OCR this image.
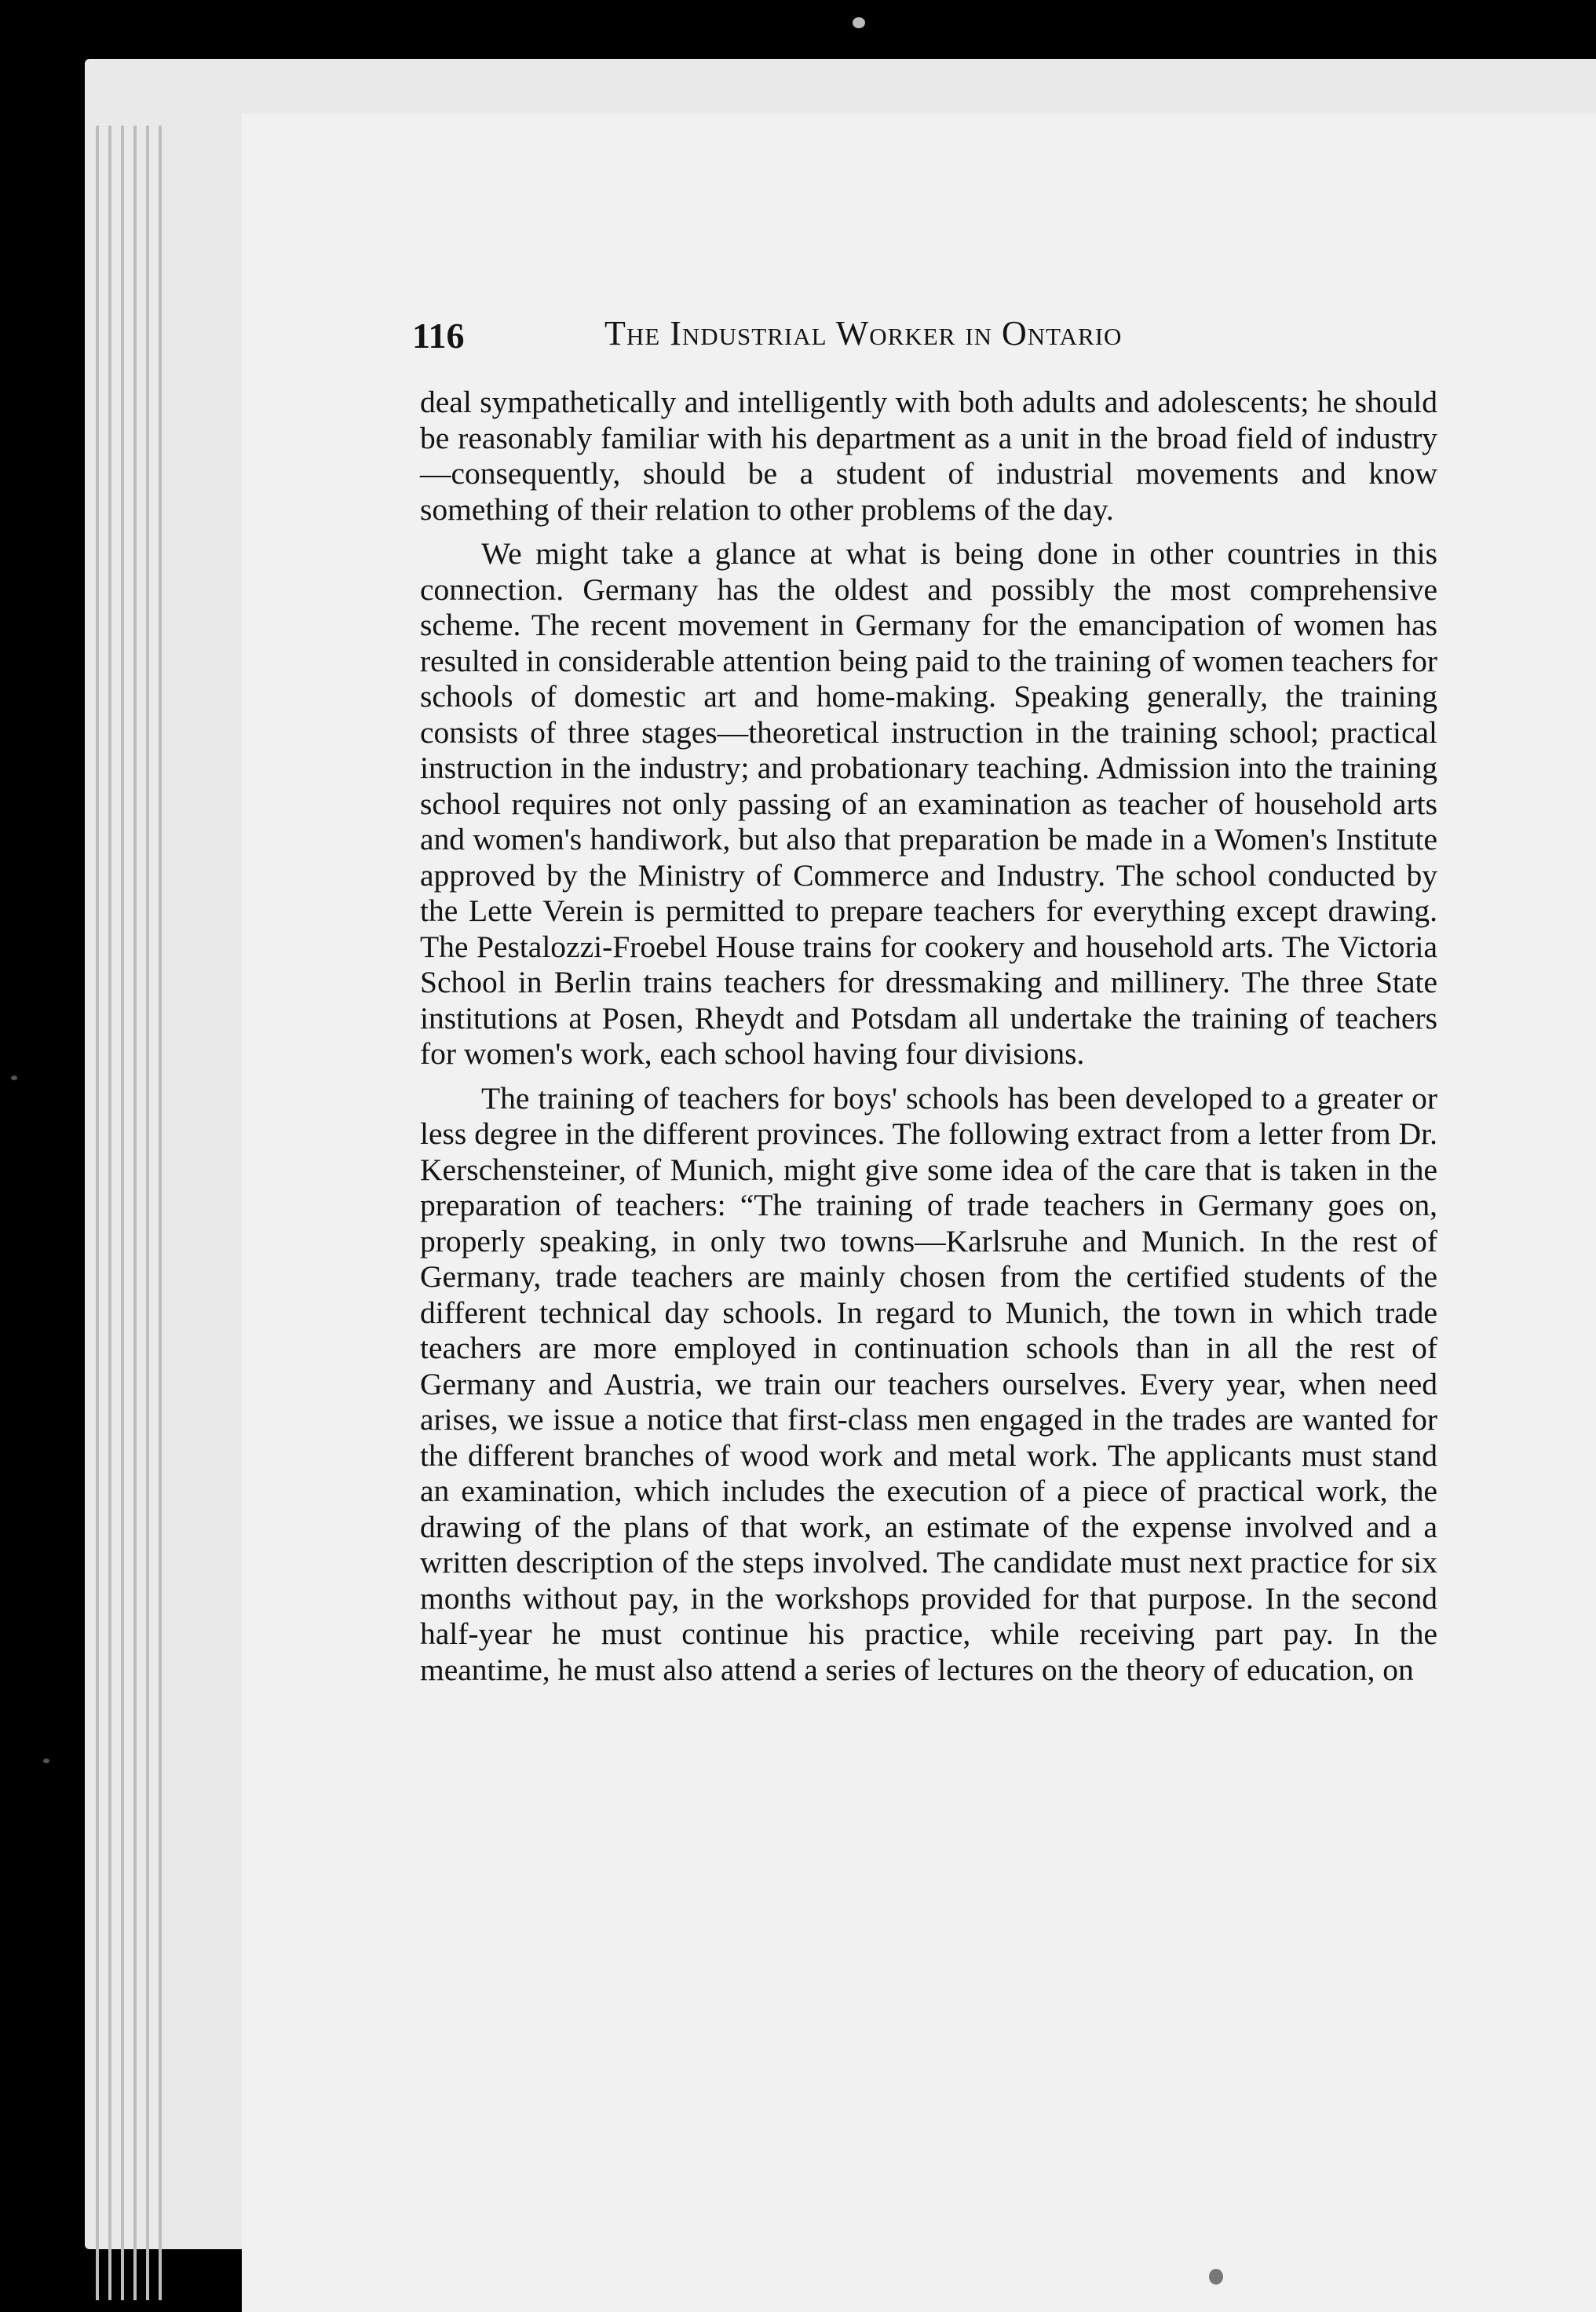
116	The Industrial Worker in Ontario

deal sympathetically and intelligently with both adults and adolescents; he should be reasonably familiar with his department as a unit in the broad field of industry—consequently, should be a student of industrial movements and know something of their relation to other problems of the day.

We might take a glance at what is being done in other countries in this connection. Germany has the oldest and possibly the most comprehensive scheme. The recent movement in Germany for the emancipation of women has resulted in considerable attention being paid to the training of women teachers for schools of domestic art and home-making. Speaking generally, the training consists of three stages—theoretical instruction in the training school; practical instruction in the industry; and probationary teaching. Admission into the training school requires not only passing of an examination as teacher of household arts and women's handiwork, but also that preparation be made in a Women's Institute approved by the Ministry of Commerce and Industry. The school conducted by the Lette Verein is permitted to prepare teachers for everything except drawing. The Pestalozzi-Froebel House trains for cookery and household arts. The Victoria School in Berlin trains teachers for dressmaking and millinery. The three State institutions at Posen, Rheydt and Potsdam all undertake the training of teachers for women's work, each school having four divisions.

The training of teachers for boys' schools has been developed to a greater or less degree in the different provinces. The following extract from a letter from Dr. Kerschensteiner, of Munich, might give some idea of the care that is taken in the preparation of teachers: “The training of trade teachers in Germany goes on, properly speaking, in only two towns—Karlsruhe and Munich. In the rest of Germany, trade teachers are mainly chosen from the certified students of the different technical day schools. In regard to Munich, the town in which trade teachers are more employed in continuation schools than in all the rest of Germany and Austria, we train our teachers ourselves. Every year, when need arises, we issue a notice that first-class men engaged in the trades are wanted for the different branches of wood work and metal work. The applicants must stand an examination, which includes the execution of a piece of practical work, the drawing of the plans of that work, an estimate of the expense involved and a written description of the steps involved. The candidate must next practice for six months without pay, in the workshops provided for that purpose. In the second half-year he must continue his practice, while receiving part pay. In the meantime, he must also attend a series of lectures on the theory of education, on
